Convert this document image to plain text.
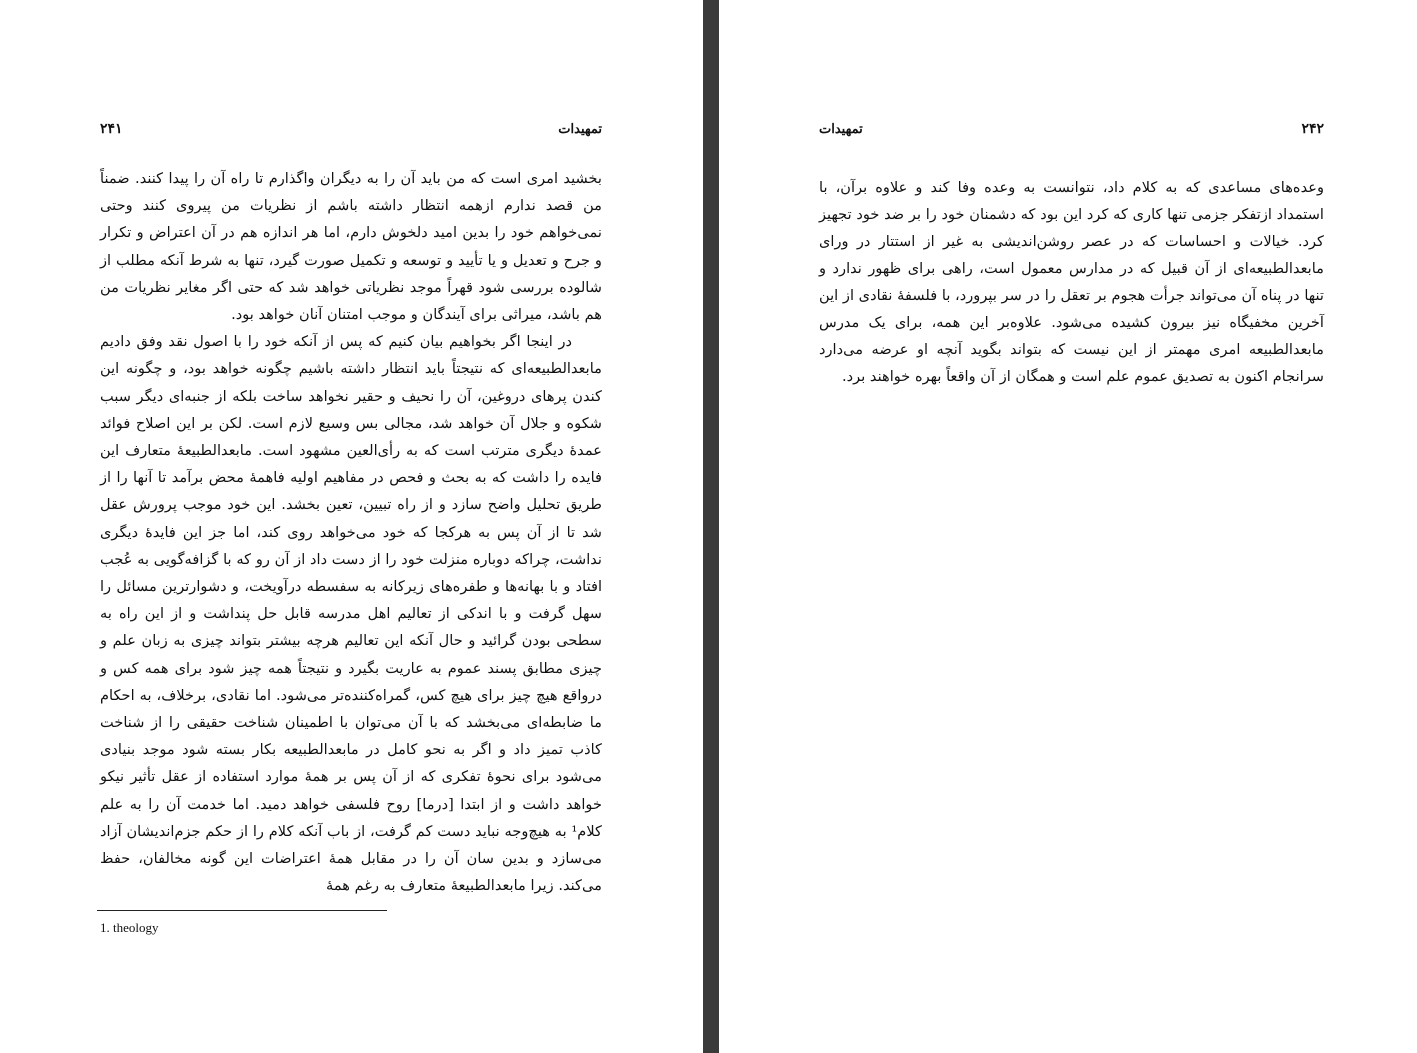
۲۴۱	تمهیدات

بخشید امری است که من باید آن را به دیگران واگذارم تا راه آن را پیدا کنند. ضمناً من قصد ندارم ازهمه انتظار داشته باشم از نظریات من پیروی کنند وحتی نمی‌خواهم خود را بدین امید دلخوش دارم، اما هر اندازه هم در آن اعتراض و تکرار و جرح و تعدیل و یا تأیید و توسعه و تکمیل صورت گیرد، تنها به شرط آنکه مطلب از شالوده بررسی شود قهراً موجد نظریاتی خواهد شد که حتی اگر مغایر نظریات من هم باشد، میراثی برای آیندگان و موجب امتنان آنان خواهد بود.

در اینجا اگر بخواهیم بیان کنیم که پس از آنکه خود را با اصول نقد وفق دادیم مابعدالطبیعه‌ای که نتیجتاً باید انتظار داشته باشیم چگونه خواهد بود، و چگونه این کندن پرهای دروغین، آن را نحیف و حقیر نخواهد ساخت بلکه از جنبه‌ای دیگر سبب شکوه و جلال آن خواهد شد، مجالی بس وسیع لازم است. لکن بر این اصلاح فوائد عمدهٔ دیگری مترتب است که به رأی‌العین مشهود است. مابعدالطبیعهٔ متعارف این فایده را داشت که به بحث و فحص در مفاهیم اولیه فاهمهٔ محض برآمد تا آنها را از طریق تحلیل واضح سازد و از راه تبیین، تعین بخشد. این خود موجب پرورش عقل شد تا از آن پس به هرکجا که خود می‌خواهد روی کند، اما جز این فایدهٔ دیگری نداشت، چراکه دوباره منزلت خود را از دست داد از آن رو که با گزافه‌گویی به عُجب افتاد و با بهانه‌ها و طفره‌های زیرکانه به سفسطه درآویخت، و دشوارترین مسائل را سهل گرفت و با اندکی از تعالیم اهل مدرسه قابل حل پنداشت و از این راه به سطحی بودن گرائید و حال آنکه این تعالیم هرچه بیشتر بتواند چیزی به زبان علم و چیزی مطابق پسند عموم به عاریت بگیرد و نتیجتاً همه چیز شود برای همه کس و درواقع هیچ چیز برای هیچ کس، گمراه‌کننده‌تر می‌شود. اما نقادی، برخلاف، به احکام ما ضابطه‌ای می‌بخشد که با آن می‌توان با اطمینان شناخت حقیقی را از شناخت کاذب تمیز داد و اگر به نحو کامل در مابعدالطبیعه بکار بسته شود موجد بنیادی می‌شود برای نحوهٔ تفکری که از آن پس بر همهٔ موارد استفاده از عقل تأثیر نیکو خواهد داشت و از ابتدا [درما] روح فلسفی خواهد دمید. اما خدمت آن را به علم کلام¹ به هیچ‌وجه نباید دست کم گرفت، از باب آنکه کلام را از حکم جزم‌اندیشان آزاد می‌سازد و بدین سان آن را در مقابل همهٔ اعتراضات این گونه مخالفان، حفظ می‌کند. زیرا مابعدالطبیعهٔ متعارف به رغم همهٔ

1. theology
تمهیدات	۲۴۲

وعده‌های مساعدی که به کلام داد، نتوانست به وعده وفا کند و علاوه برآن، با استمداد ازتفکر جزمی تنها کاری که کرد این بود که دشمنان خود را بر ضد خود تجهیز کرد. خیالات و احساسات که در عصر روشن‌اندیشی به غیر از استتار در ورای مابعدالطبیعه‌ای از آن قبیل که در مدارس معمول است، راهی برای ظهور ندارد و تنها در پناه آن می‌تواند جرأت هجوم بر تعقل را در سر بپرورد، با فلسفهٔ نقادی از این آخرین مخفیگاه نیز بیرون کشیده می‌شود. علاوه‌بر این همه، برای یک مدرس مابعدالطبیعه امری مهمتر از این نیست که بتواند بگوید آنچه او عرضه می‌دارد سرانجام اکنون به تصدیق عموم علم است و همگان از آن واقعاً بهره خواهند برد.
